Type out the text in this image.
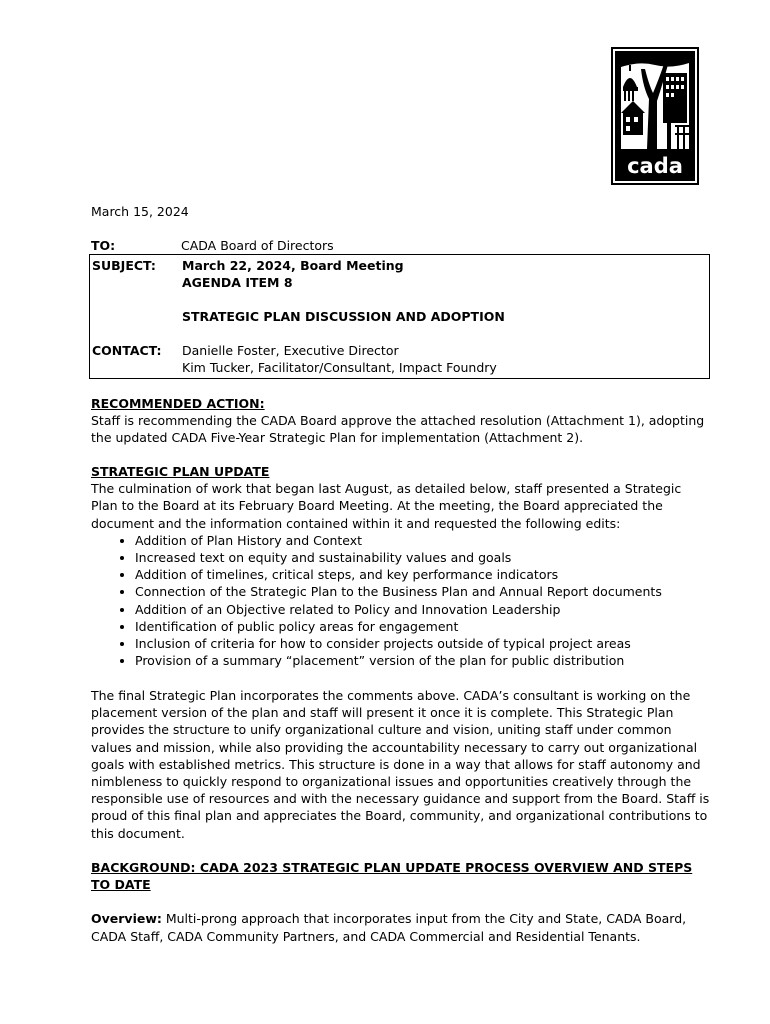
cada
March 15, 2024
TO:	CADA Board of Directors
SUBJECT:	March 22, 2024, Board Meeting
AGENDA ITEM 8
STRATEGIC PLAN DISCUSSION AND ADOPTION
CONTACT:	Danielle Foster, Executive Director
Kim Tucker, Facilitator/Consultant, Impact Foundry
RECOMMENDED ACTION:

Staff is recommending the CADA Board approve the attached resolution (Attachment 1), adopting the updated CADA Five-Year Strategic Plan for implementation (Attachment 2).

STRATEGIC PLAN UPDATE

The culmination of work that began last August, as detailed below, staff presented a Strategic Plan to the Board at its February Board Meeting. At the meeting, the Board appreciated the document and the information contained within it and requested the following edits:

• Addition of Plan History and Context
• Increased text on equity and sustainability values and goals
• Addition of timelines, critical steps, and key performance indicators
• Connection of the Strategic Plan to the Business Plan and Annual Report documents
• Addition of an Objective related to Policy and Innovation Leadership
• Identification of public policy areas for engagement
• Inclusion of criteria for how to consider projects outside of typical project areas
• Provision of a summary “placement” version of the plan for public distribution

The final Strategic Plan incorporates the comments above. CADA’s consultant is working on the placement version of the plan and staff will present it once it is complete. This Strategic Plan provides the structure to unify organizational culture and vision, uniting staff under common values and mission, while also providing the accountability necessary to carry out organizational goals with established metrics. This structure is done in a way that allows for staff autonomy and nimbleness to quickly respond to organizational issues and opportunities creatively through the responsible use of resources and with the necessary guidance and support from the Board. Staff is proud of this final plan and appreciates the Board, community, and organizational contributions to this document.

BACKGROUND: CADA 2023 STRATEGIC PLAN UPDATE PROCESS OVERVIEW AND STEPS TO DATE

Overview: Multi-prong approach that incorporates input from the City and State, CADA Board, CADA Staff, CADA Community Partners, and CADA Commercial and Residential Tenants.
